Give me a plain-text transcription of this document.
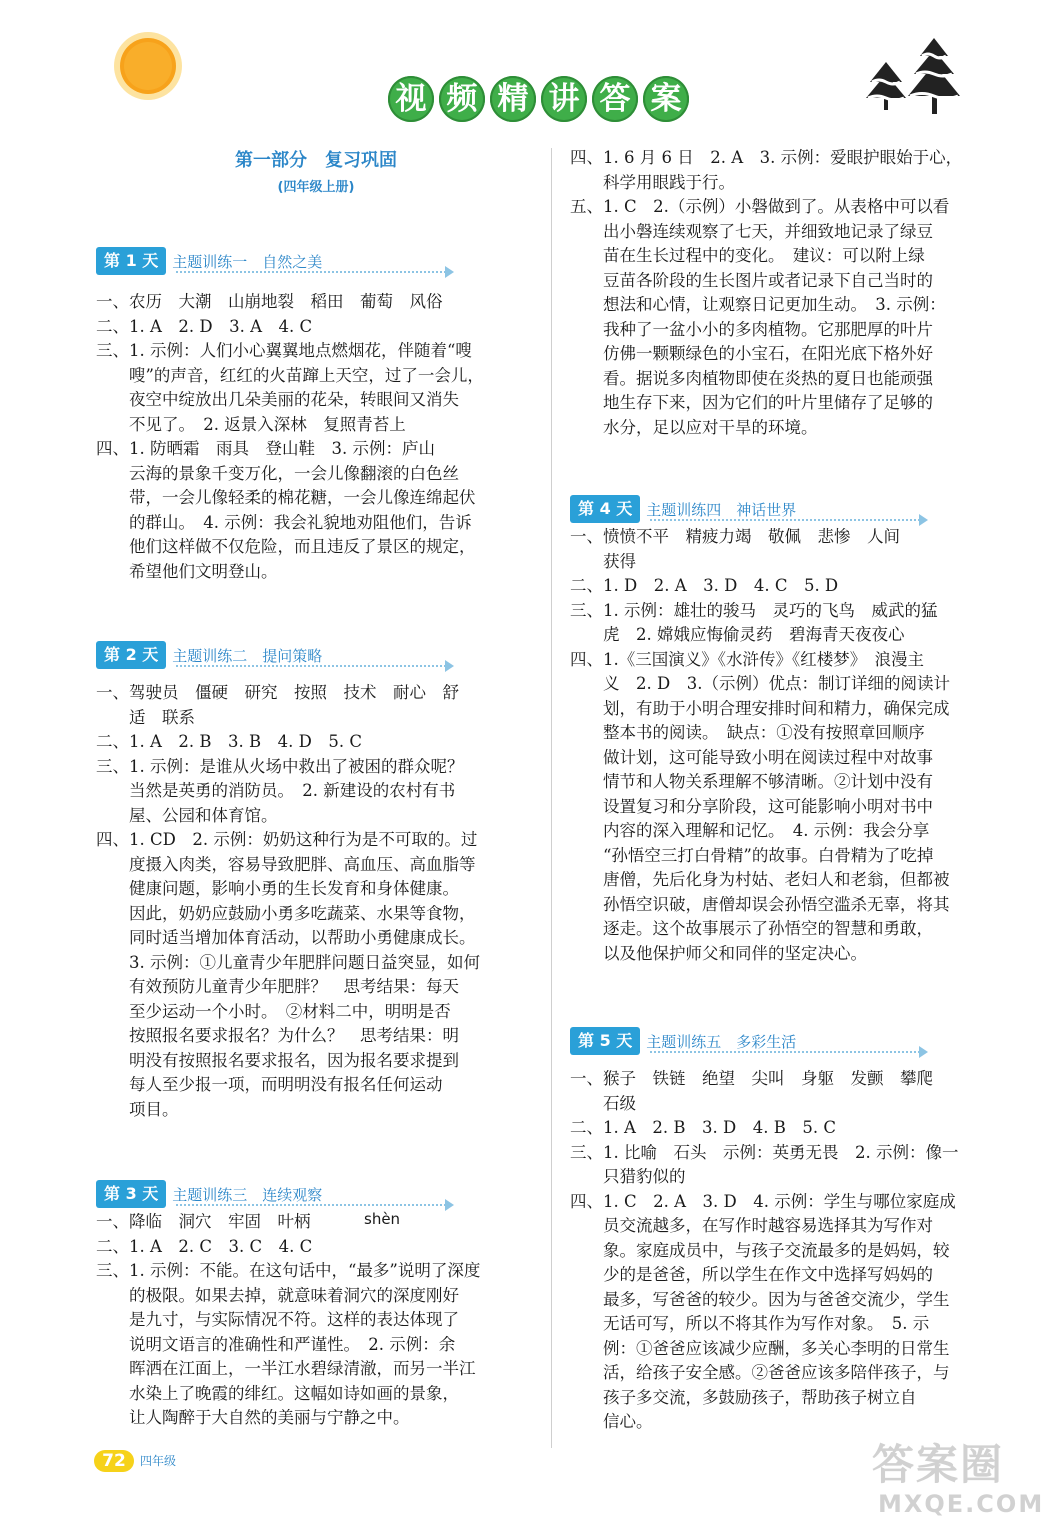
视 频 精 讲 答 案
第一部分　复习巩固
(四年级上册)
第 1 天 主题训练一　自然之美
一、农历　大潮　山崩地裂　稻田　葡萄　风俗
二、1. A　2. D　3. A　4. C
三、1. 示例：人们小心翼翼地点燃烟花，伴随着“嗖
　　嗖”的声音，红红的火苗蹿上天空，过了一会儿，
　　夜空中绽放出几朵美丽的花朵，转眼间又消失
　　不见了。　2. 返景入深林　复照青苔上
四、1. 防晒霜　雨具　登山鞋　3. 示例：庐山
　　云海的景象千变万化，一会儿像翻滚的白色丝
　　带，一会儿像轻柔的棉花糖，一会儿像连绵起伏
　　的群山。　4. 示例：我会礼貌地劝阻他们，告诉
　　他们这样做不仅危险，而且违反了景区的规定，
　　希望他们文明登山。
第 2 天 主题训练二　提问策略
一、驾驶员　僵硬　研究　按照　技术　耐心　舒
　　适　联系
二、1. A　2. B　3. B　4. D　5. C
三、1. 示例：是谁从火场中救出了被困的群众呢？
　　当然是英勇的消防员。　2. 新建设的农村有书
　　屋、公园和体育馆。
四、1. CD　2. 示例：奶奶这种行为是不可取的。过
　　度摄入肉类，容易导致肥胖、高血压、高血脂等
　　健康问题，影响小勇的生长发育和身体健康。
　　因此，奶奶应鼓励小勇多吃蔬菜、水果等食物，
　　同时适当增加体育活动，以帮助小勇健康成长。
　　3. 示例：①儿童青少年肥胖问题日益突显，如何
　　有效预防儿童青少年肥胖？　思考结果：每天
　　至少运动一个小时。　②材料二中，明明是否
　　按照报名要求报名？为什么？　思考结果：明
　　明没有按照报名要求报名，因为报名要求提到
　　每人至少报一项，而明明没有报名任何运动
　　项目。
第 3 天 主题训练三　连续观察
shèn
一、降临　洞穴　牢固　叶柄
二、1. A　2. C　3. C　4. C
三、1. 示例：不能。在这句话中，“最多”说明了深度
　　的极限。如果去掉，就意味着洞穴的深度刚好
　　是九寸，与实际情况不符。这样的表达体现了
　　说明文语言的准确性和严谨性。　2. 示例：余
　　晖洒在江面上，一半江水碧绿清澈，而另一半江
　　水染上了晚霞的绯红。这幅如诗如画的景象，
　　让人陶醉于大自然的美丽与宁静之中。
四、1. 6 月 6 日　2. A　3. 示例：爱眼护眼始于心，
　　科学用眼践于行。
五、1. C　2.（示例）小磐做到了。从表格中可以看
　　出小磐连续观察了七天，并细致地记录了绿豆
　　苗在生长过程中的变化。　建议：可以附上绿
　　豆苗各阶段的生长图片或者记录下自己当时的
　　想法和心情，让观察日记更加生动。　3. 示例：
　　我种了一盆小小的多肉植物。它那肥厚的叶片
　　仿佛一颗颗绿色的小宝石，在阳光底下格外好
　　看。据说多肉植物即使在炎热的夏日也能顽强
　　地生存下来，因为它们的叶片里储存了足够的
　　水分，足以应对干旱的环境。
第 4 天 主题训练四　神话世界
一、愤愤不平　精疲力竭　敬佩　悲惨　人间
　　获得
二、1. D　2. A　3. D　4. C　5. D
三、1. 示例：雄壮的骏马　灵巧的飞鸟　威武的猛
　　虎　2. 嫦娥应悔偷灵药　碧海青天夜夜心
四、1.《三国演义》《水浒传》《红楼梦》　浪漫主
　　义　2. D　3.（示例）优点：制订详细的阅读计
　　划，有助于小明合理安排时间和精力，确保完成
　　整本书的阅读。　缺点：①没有按照章回顺序
　　做计划，这可能导致小明在阅读过程中对故事
　　情节和人物关系理解不够清晰。②计划中没有
　　设置复习和分享阶段，这可能影响小明对书中
　　内容的深入理解和记忆。　4. 示例：我会分享
　　“孙悟空三打白骨精”的故事。白骨精为了吃掉
　　唐僧，先后化身为村姑、老妇人和老翁，但都被
　　孙悟空识破，唐僧却误会孙悟空滥杀无辜，将其
　　逐走。这个故事展示了孙悟空的智慧和勇敢，
　　以及他保护师父和同伴的坚定决心。
第 5 天 主题训练五　多彩生活
一、猴子　铁链　绝望　尖叫　身躯　发颤　攀爬
　　石级
二、1. A　2. B　3. D　4. B　5. C
三、1. 比喻　石头　示例：英勇无畏　2. 示例：像一
　　只猎豹似的
四、1. C　2. A　3. D　4. 示例：学生与哪位家庭成
　　员交流越多，在写作时越容易选择其为写作对
　　象。家庭成员中，与孩子交流最多的是妈妈，较
　　少的是爸爸，所以学生在作文中选择写妈妈的
　　最多，写爸爸的较少。因为与爸爸交流少，学生
　　无话可写，所以不将其作为写作对象。　5. 示
　　例：①爸爸应该减少应酬，多关心李明的日常生
　　活，给孩子安全感。②爸爸应该多陪伴孩子，与
　　孩子多交流，多鼓励孩子，帮助孩子树立自
　　信心。
72	四年级	答案圈
MXQE.COM
